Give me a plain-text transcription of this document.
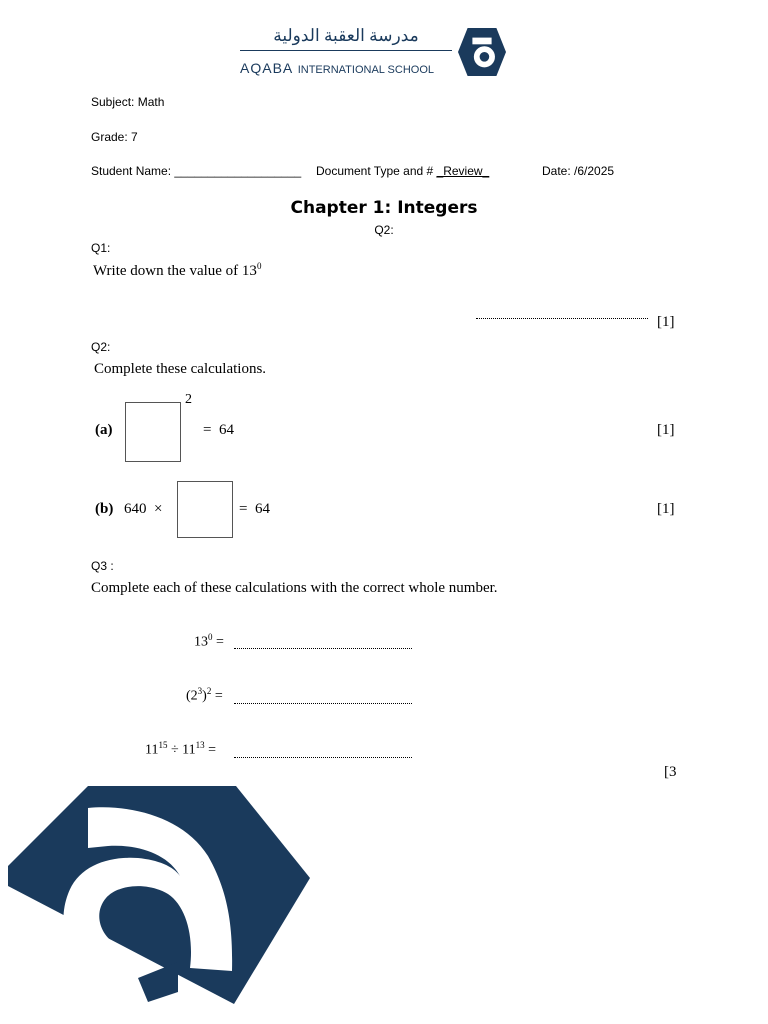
مدرسة العقبة الدولية
AQABA INTERNATIONAL SCHOOL
Subject: Math
Grade: 7
Student Name: ___________________ Document Type and # _Review_	Date: /6/2025
Chapter 1: Integers
Q2:
Q1:
Write down the value of $13^0$
[1]
Q2:
Complete these calculations.
(a)
2
=  64	[1]
(b) 640  ×	=  64	[1]
Q3 :
Complete each of these calculations with the correct whole number.
$13^0$ =
$(2^3)^2$ =
$11^{15} \div 11^{13}$ =
[3
